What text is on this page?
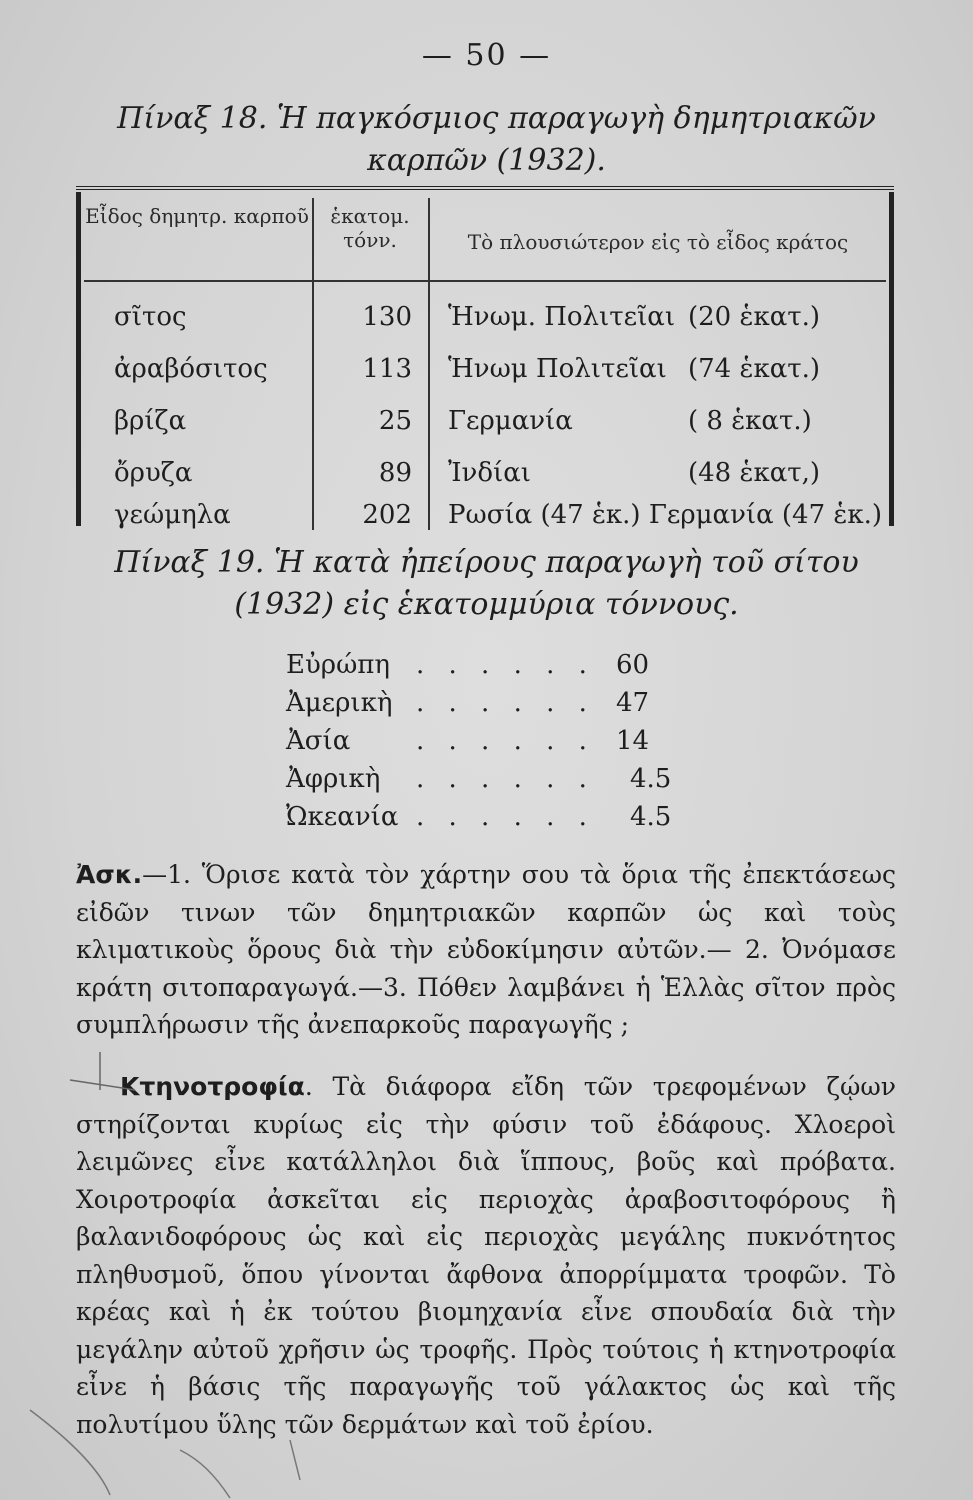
— 50 —
Πίναξ 18. Ἡ παγκόσμιος παραγωγὴ δημητριακῶν
καρπῶν (1932).
Εἶδος δημητρ. καρποῦ	ἑκατομ. τόνν.	Τὸ πλουσιώτερον εἰς τὸ εἶδος κράτος
σῖτος	130 Ἡνωμ. Πολιτεῖαι (20 ἑκατ.)
ἀραβόσιτος	113 Ἡνωμ Πολιτεῖαι (74 ἑκατ.)
βρίζα	25 Γερμανία	( 8 ἑκατ.)
ὄρυζα	89 Ἰνδίαι	(48 ἑκατ,)
γεώμηλα	202 Ρωσία (47 ἑκ.) Γερμανία (47 ἑκ.)
Πίναξ 19. Ἡ κατὰ ἠπείρους παραγωγὴ τοῦ σίτου
(1932) εἰς ἑκατομμύρια τόννους.
Εὐρώπη . . . . . . 60
Ἀμερικὴ . . . . . . 47
Ἀσία	. . . . . . 14
Ἀφρικὴ . . . . . .	4.5
Ὠκεανία . . . . . .	4.5
Ἀσκ.—1. Ὅρισε κατὰ τὸν χάρτην σου τὰ ὅρια τῆς ἐπεκτάσεως εἰδῶν τινων τῶν δημητριακῶν καρπῶν ὡς καὶ τοὺς κλιματικοὺς ὅρους διὰ τὴν εὐδοκίμησιν αὐτῶν.— 2. Ὀνόμασε κράτη σιτοπαραγωγά.—3. Πόθεν λαμβάνει ἡ Ἑλλὰς σῖτον πρὸς συμπλήρωσιν τῆς ἀνεπαρκοῦς παραγωγῆς ;
Κτηνοτροφία. Τὰ διάφορα εἴδη τῶν τρεφομένων ζῴων στηρίζονται κυρίως εἰς τὴν φύσιν τοῦ ἐδάφους. Χλοεροὶ λειμῶνες εἶνε κατάλληλοι διὰ ἵππους, βοῦς καὶ πρόβατα. Χοιροτροφία ἀσκεῖται εἰς περιοχὰς ἀραβοσιτοφόρους ἢ βαλανιδοφόρους ὡς καὶ εἰς περιοχὰς μεγάλης πυκνότητος πληθυσμοῦ, ὅπου γίνονται ἄφθονα ἀπορρίμματα τροφῶν. Τὸ κρέας καὶ ἡ ἐκ τούτου βιομηχανία εἶνε σπουδαία διὰ τὴν μεγάλην αὐτοῦ χρῆσιν ὡς τροφῆς. Πρὸς τούτοις ἡ κτηνοτροφία εἶνε ἡ βάσις τῆς παραγωγῆς τοῦ γάλακτος ὡς καὶ τῆς πολυτίμου ὕλης τῶν δερμάτων καὶ τοῦ ἐρίου.
